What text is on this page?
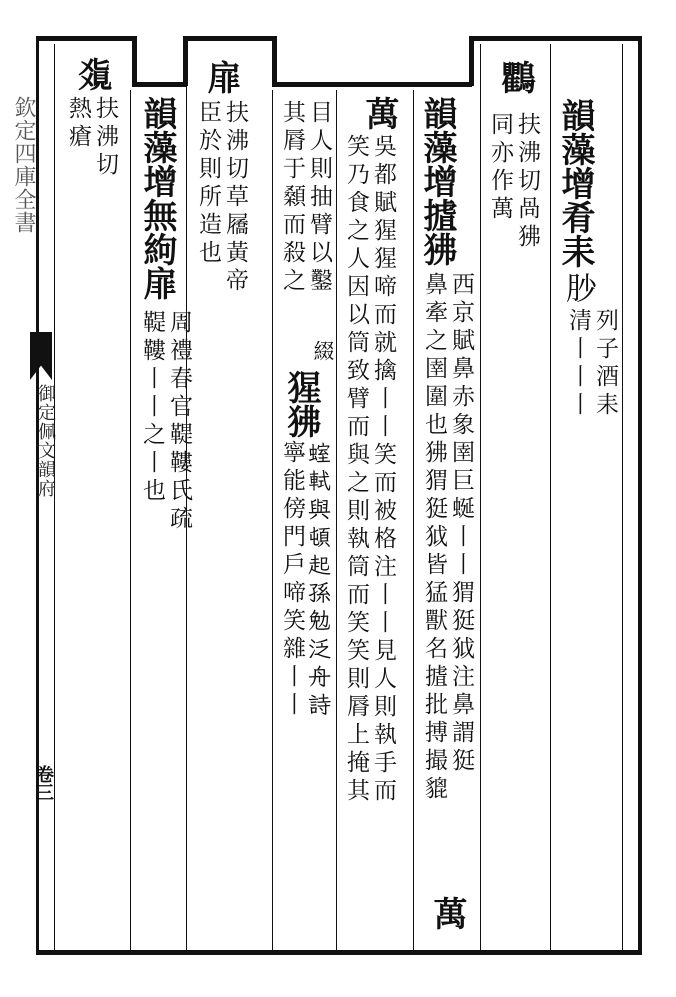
欽定四庫全書
御定佩文韻府
卷三
韻藻增肴耒
䏚
列子酒耒
清丨丨丨
鸜
扶沸切咼狒
同亦作萬
韻藻增摣狒
西京賦鼻赤象圉巨蜒丨丨猬㹶狘注鼻謂㹶
鼻牽之圉圍也狒猬㹶狘皆猛獸名摣批搏撮貔
萬
萬
吳都賦猩猩啼而就擒丨丨笑而被格注丨丨見人則執手而
笑乃食之人因以筒致臂而與之則執筒而笑笑則脣上掩其
目人則抽臂以鑿
其脣于顙而殺之
綴
猩狒
𧍱軾與頓起孫勉泛舟詩
寧能傍門戶啼笑雜丨丨
扉
扶沸切草屩黃帝
臣於則所造也
韻藻增無絇扉
周禮春官鞮鞻氏疏
鞮鞻丨丨之丨也
𤕥
扶沸切
熱瘡
